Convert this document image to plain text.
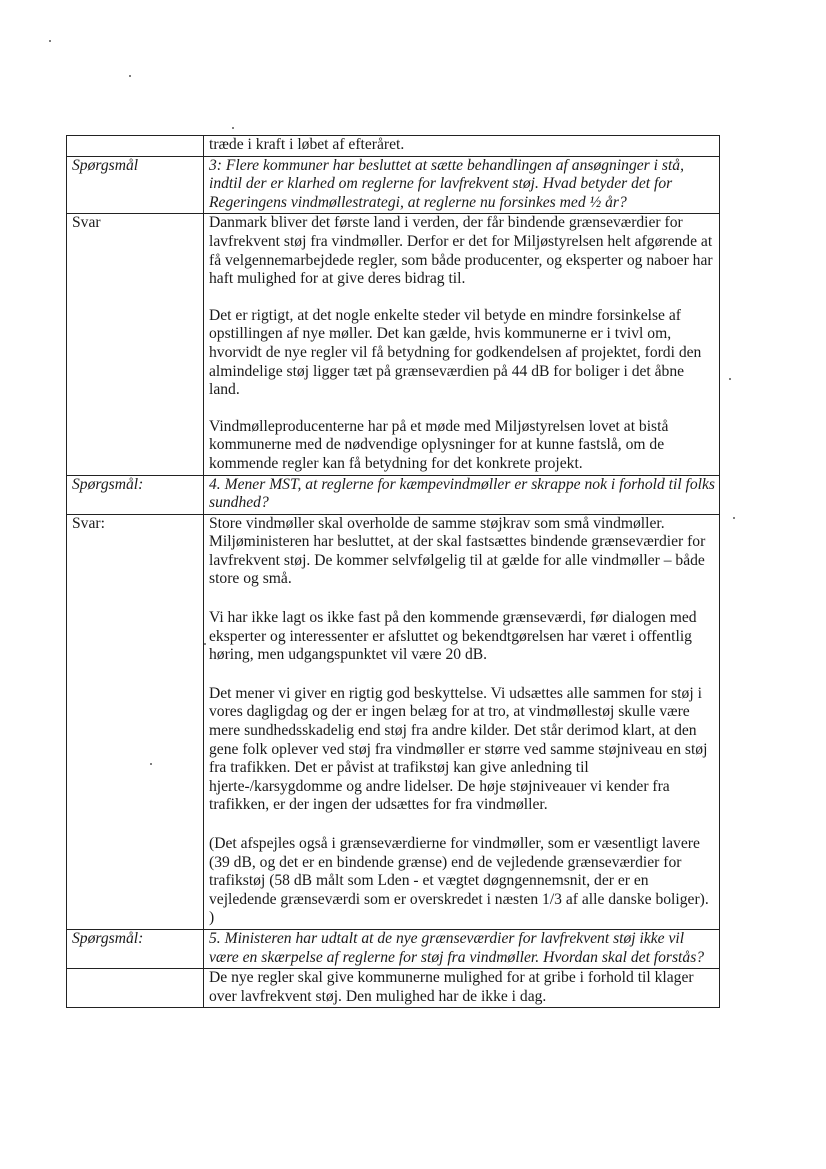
	træde i kraft i løbet af efteråret.

Spørgsmål	3: Flere kommuner har besluttet at sætte behandlingen af ansøgninger i stå, indtil der er klarhed om reglerne for lavfrekvent støj. Hvad betyder det for Regeringens vindmøllestrategi, at reglerne nu forsinkes med ½ år?

Svar	Danmark bliver det første land i verden, der får bindende grænseværdier for lavfrekvent støj fra vindmøller. Derfor er det for Miljøstyrelsen helt afgørende at få velgennemarbejdede regler, som både producenter, og eksperter og naboer har haft mulighed for at give deres bidrag til.

Det er rigtigt, at det nogle enkelte steder vil betyde en mindre forsinkelse af opstillingen af nye møller. Det kan gælde, hvis kommunerne er i tvivl om, hvorvidt de nye regler vil få betydning for godkendelsen af projektet, fordi den almindelige støj ligger tæt på grænseværdien på 44 dB for boliger i det åbne land.

Vindmølleproducenterne har på et møde med Miljøstyrelsen lovet at bistå kommunerne med de nødvendige oplysninger for at kunne fastslå, om de kommende regler kan få betydning for det konkrete projekt.

Spørgsmål:	4. Mener MST, at reglerne for kæmpevindmøller er skrappe nok i forhold til folks sundhed?

Svar:	Store vindmøller skal overholde de samme støjkrav som små vindmøller. Miljøministeren har besluttet, at der skal fastsættes bindende grænseværdier for lavfrekvent støj. De kommer selvfølgelig til at gælde for alle vindmøller – både store og små.

Vi har ikke lagt os ikke fast på den kommende grænseværdi, før dialogen med eksperter og interessenter er afsluttet og bekendtgørelsen har været i offentlig høring, men udgangspunktet vil være 20 dB.

Det mener vi giver en rigtig god beskyttelse. Vi udsættes alle sammen for støj i vores dagligdag og der er ingen belæg for at tro, at vindmøllestøj skulle være mere sundhedsskadelig end støj fra andre kilder. Det står derimod klart, at den gene folk oplever ved støj fra vindmøller er større ved samme støjniveau en støj fra trafikken. Det er påvist at trafikstøj kan give anledning til hjerte-/karsygdomme og andre lidelser. De høje støjniveauer vi kender fra trafikken, er der ingen der udsættes for fra vindmøller.

(Det afspejles også i grænseværdierne for vindmøller, som er væsentligt lavere (39 dB, og det er en bindende grænse) end de vejledende grænseværdier for trafikstøj (58 dB målt som Lden - et vægtet døgngennemsnit, der er en vejledende grænseværdi som er overskredet i næsten 1/3 af alle danske boliger). )

Spørgsmål:	5. Ministeren har udtalt at de nye grænseværdier for lavfrekvent støj ikke vil være en skærpelse af reglerne for støj fra vindmøller. Hvordan skal det forstås?

	De nye regler skal give kommunerne mulighed for at gribe i forhold til klager over lavfrekvent støj. Den mulighed har de ikke i dag.
